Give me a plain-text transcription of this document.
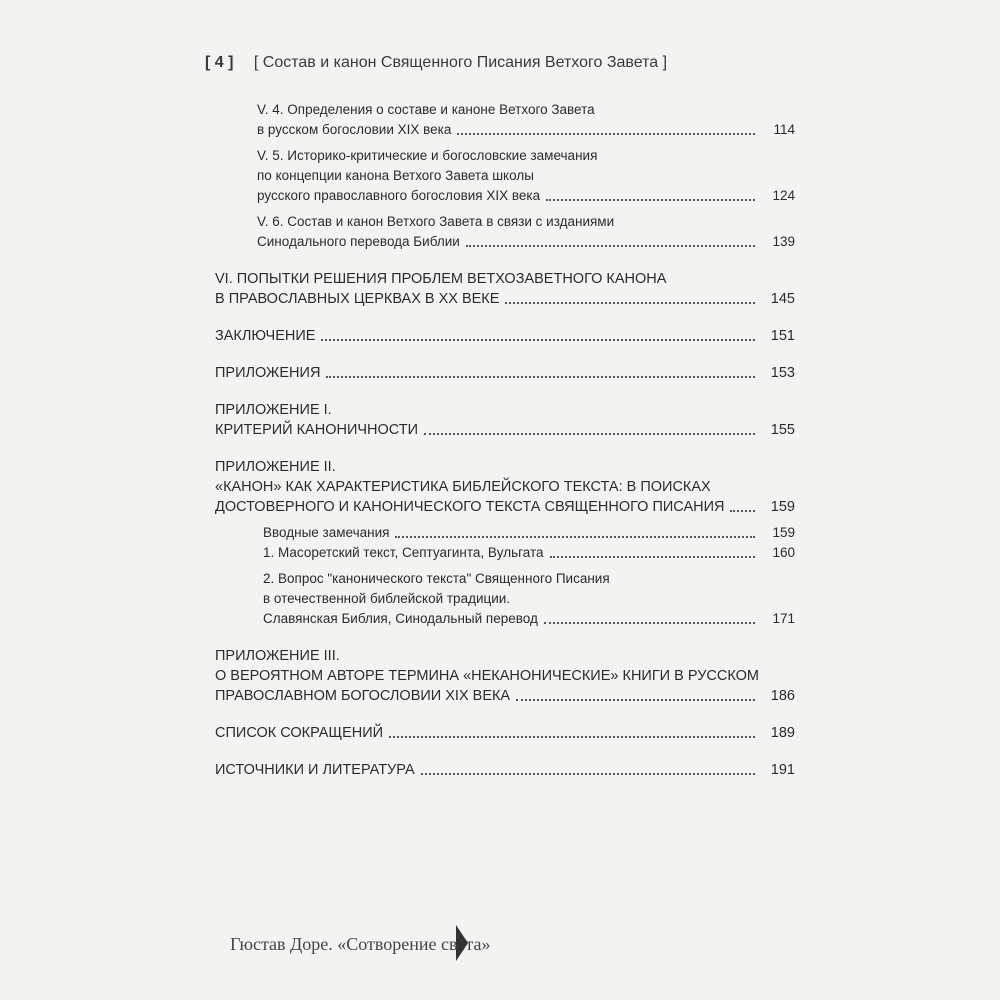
[ 4 ] [ Состав и канон Священного Писания Ветхого Завета ]
V. 4. Определения о составе и каноне Ветхого Завета
в русском богословии XIX века	114
V. 5. Историко-критические и богословские замечания
по концепции канона Ветхого Завета школы
русского православного богословия XIX века	124
V. 6. Состав и канон Ветхого Завета в связи с изданиями
Синодального перевода Библии	139
VI. ПОПЫТКИ РЕШЕНИЯ ПРОБЛЕМ ВЕТХОЗАВЕТНОГО КАНОНА
В ПРАВОСЛАВНЫХ ЦЕРКВАХ В XX ВЕКЕ	145
ЗАКЛЮЧЕНИЕ	151
ПРИЛОЖЕНИЯ	153
ПРИЛОЖЕНИЕ I.
КРИТЕРИЙ КАНОНИЧНОСТИ	155
ПРИЛОЖЕНИЕ II.
«КАНОН» КАК ХАРАКТЕРИСТИКА БИБЛЕЙСКОГО ТЕКСТА: В ПОИСКАХ
ДОСТОВЕРНОГО И КАНОНИЧЕСКОГО ТЕКСТА СВЯЩЕННОГО ПИСАНИЯ	159
Вводные замечания	159
1. Масоретский текст, Септуагинта, Вульгата	160
2. Вопрос "канонического текста" Священного Писания
в отечественной библейской традиции.
Славянская Библия, Синодальный перевод	171
ПРИЛОЖЕНИЕ III.
О ВЕРОЯТНОМ АВТОРЕ ТЕРМИНА «НЕКАНОНИЧЕСКИЕ» КНИГИ В РУССКОМ
ПРАВОСЛАВНОМ БОГОСЛОВИИ XIX ВЕКА	186
СПИСОК СОКРАЩЕНИЙ	189
ИСТОЧНИКИ И ЛИТЕРАТУРА	191
Гюстав Доре. «Сотворение света»
